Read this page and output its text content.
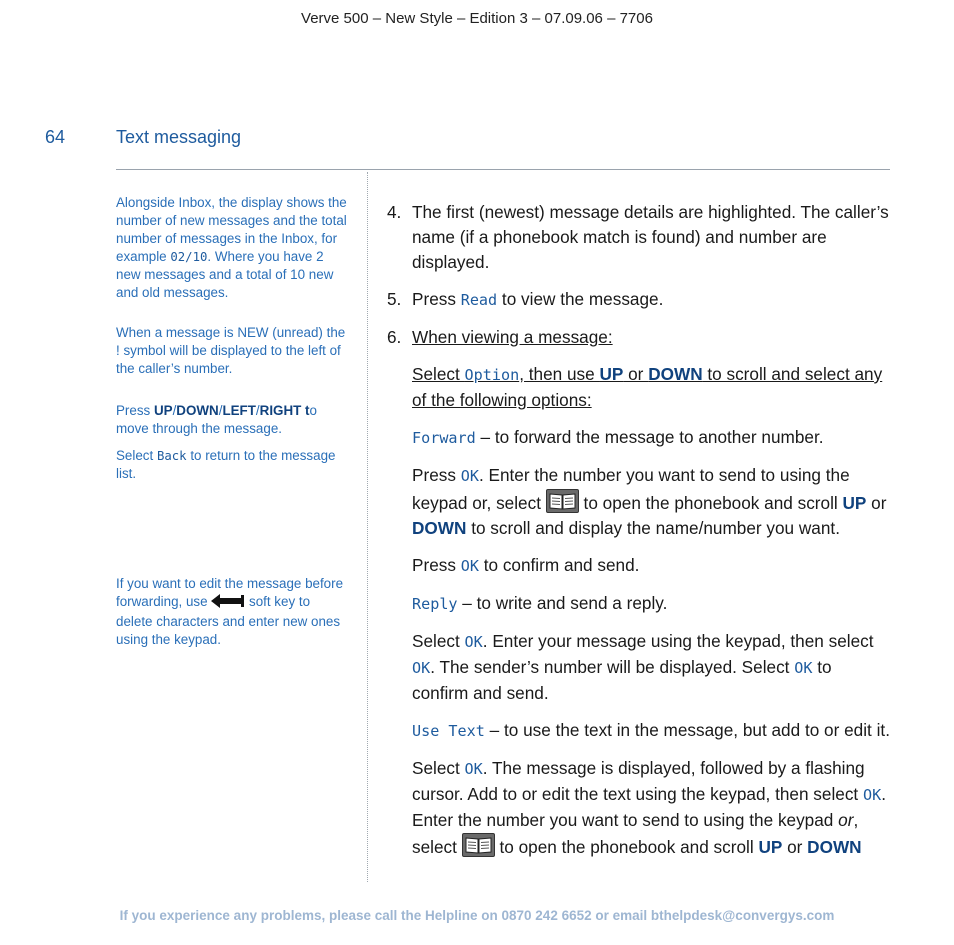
Verve 500 – New Style – Edition 3 – 07.09.06 – 7706
64	Text messaging

Alongside Inbox, the display shows the number of new messages and the total number of messages in the Inbox, for example 02/10. Where you have 2 new messages and a total of 10 new and old messages.

When a message is NEW (unread) the ! symbol will be displayed to the left of the caller’s number.

Press UP/DOWN/LEFT/RIGHT to move through the message.

Select Back to return to the message list.

If you want to edit the message before forwarding, use	soft key to delete characters and enter new ones using the keypad.

4. The first (newest) message details are highlighted. The caller’s name (if a phonebook match is found) and number are displayed.
5. Press Read to view the message.
6. When viewing a message:
Select Option, then use UP or DOWN to scroll and select any of the following options:
Forward – to forward the message to another number.
Press OK. Enter the number you want to send to using the keypad or, select
to open the phonebook and scroll UP or DOWN to scroll and display the name/number you want.
Press OK to confirm and send.
Reply – to write and send a reply.
Select OK. Enter your message using the keypad, then select OK. The sender’s number will be displayed. Select OK to confirm and send.
Use Text – to use the text in the message, but add to or edit it.
Select OK. The message is displayed, followed by a flashing cursor. Add to or edit the text using the keypad, then select OK. Enter the number you want to send to using the keypad or, select
to open the phonebook and scroll UP or DOWN
If you experience any problems, please call the Helpline on 0870 242 6652 or email bthelpdesk@convergys.com
